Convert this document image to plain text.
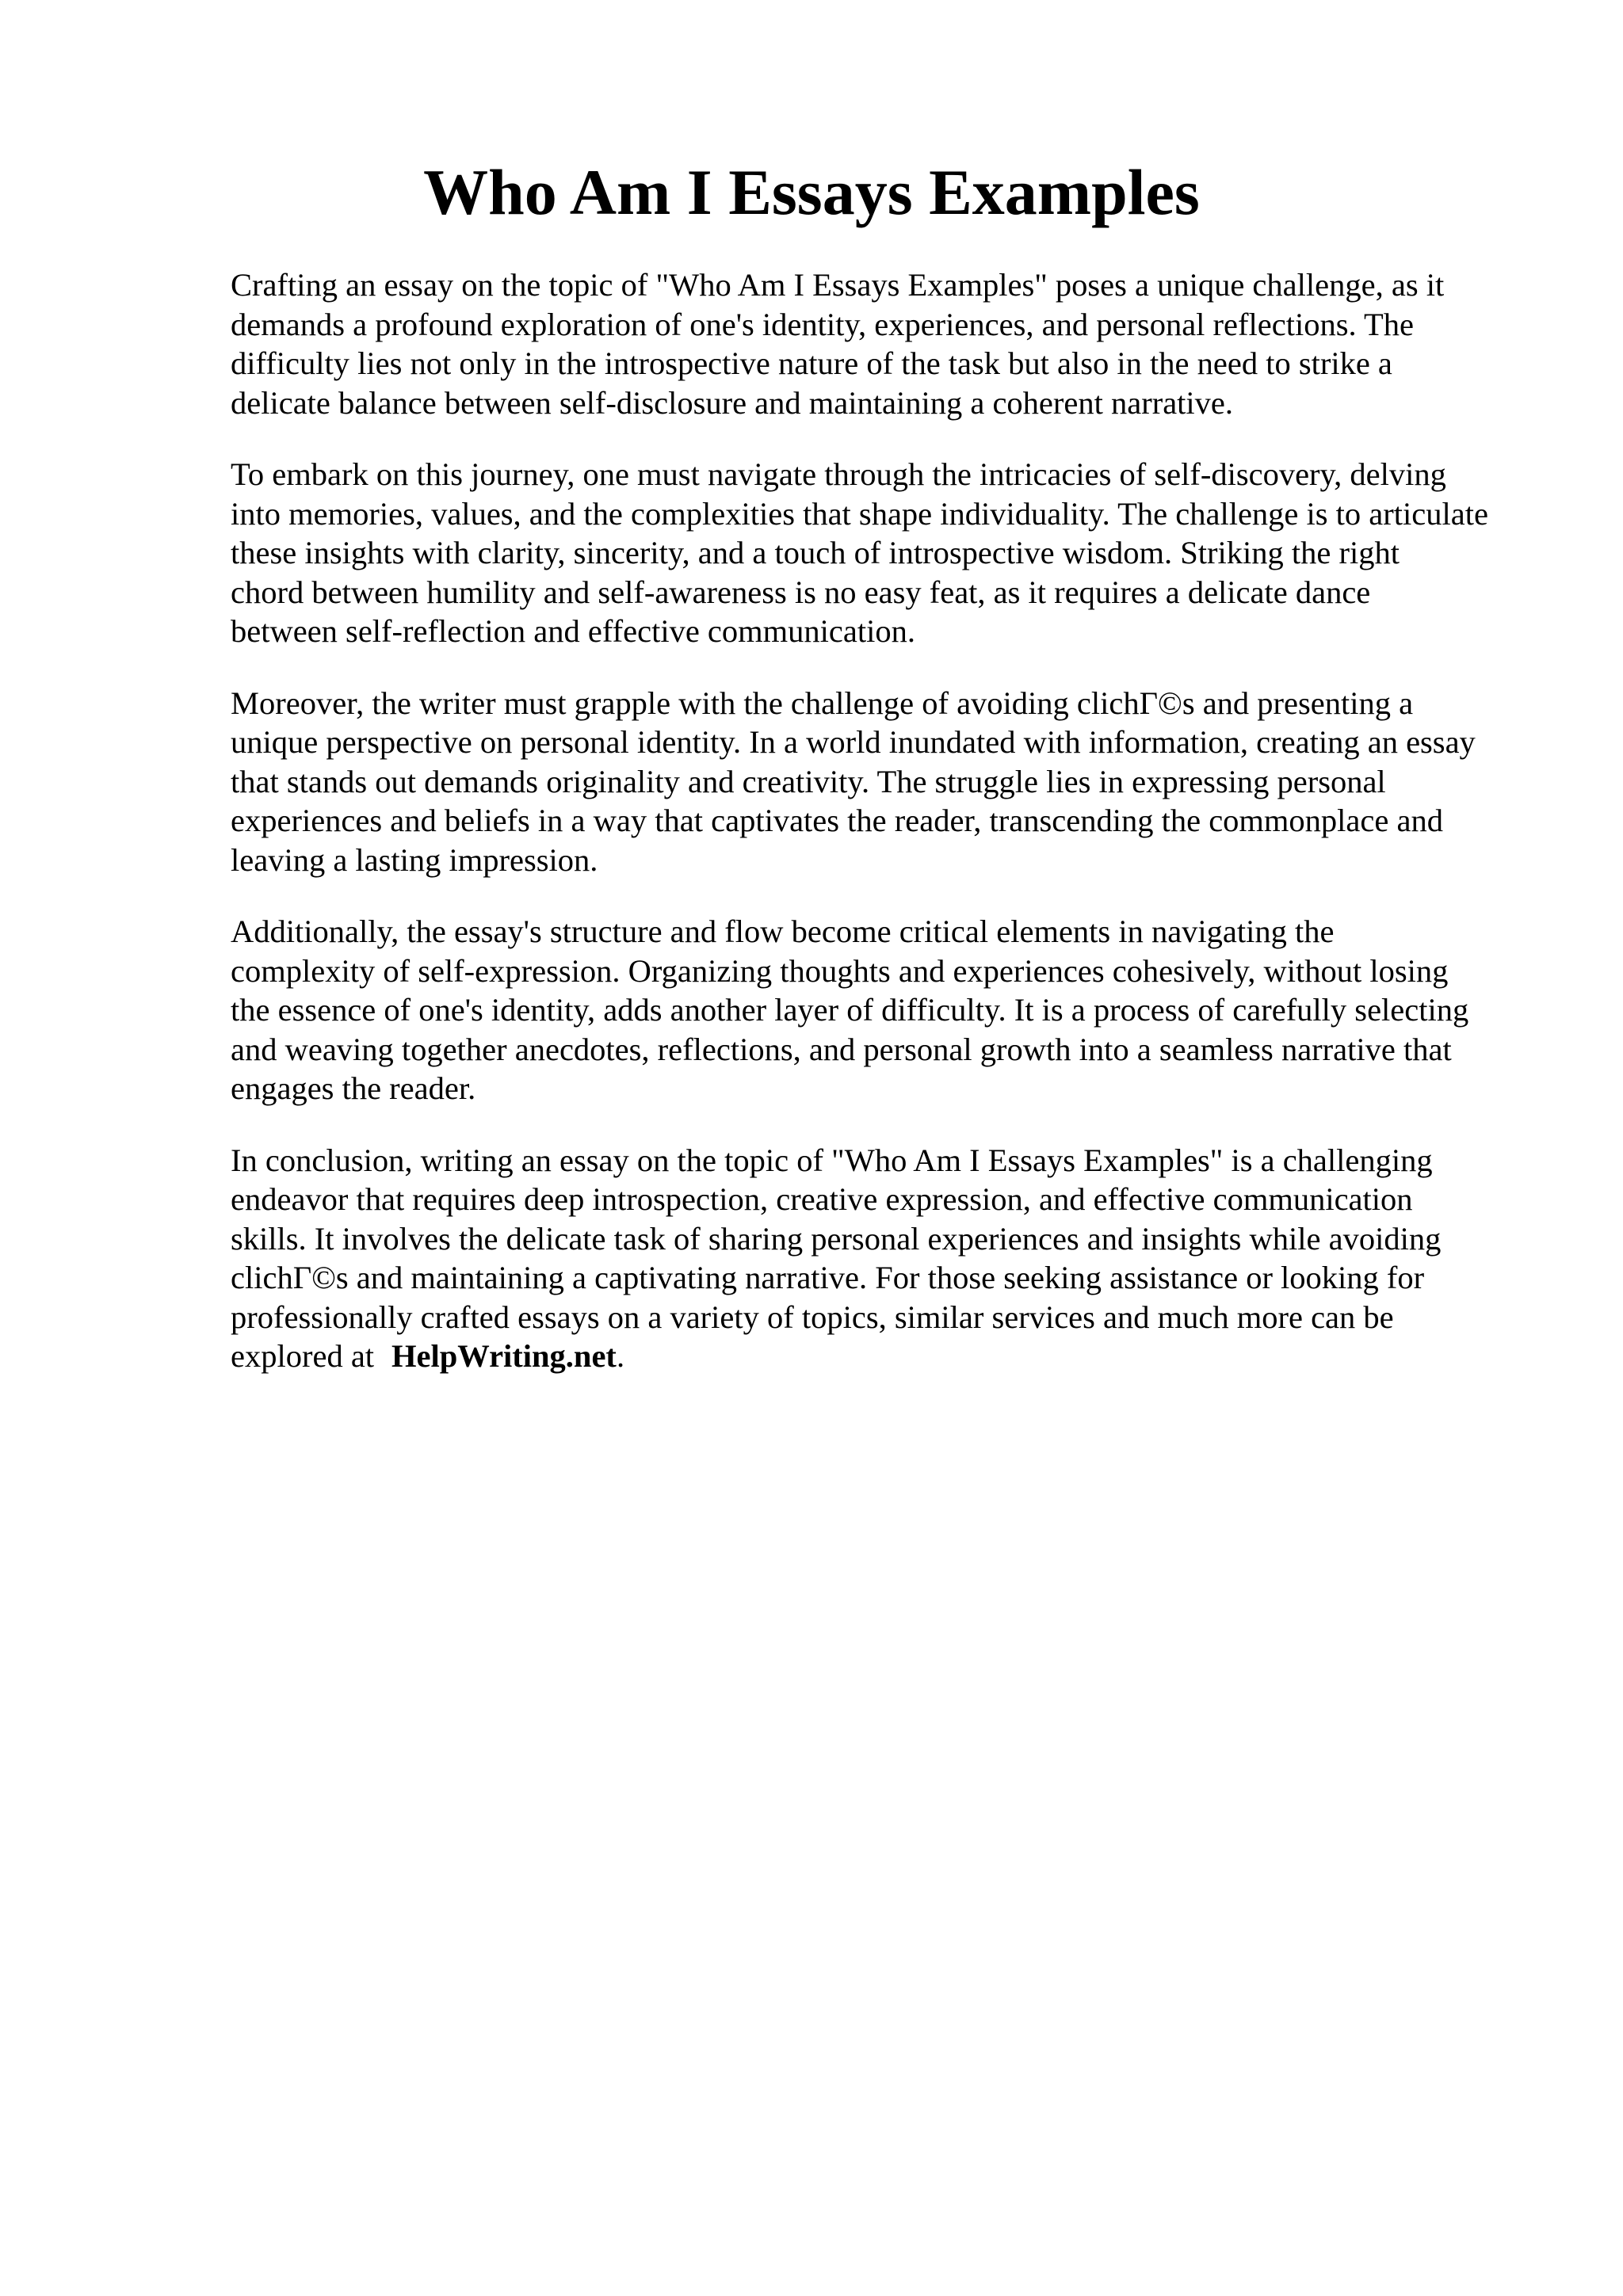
Who Am I Essays Examples

Crafting an essay on the topic of "Who Am I Essays Examples" poses a unique challenge, as it
demands a profound exploration of one's identity, experiences, and personal reflections. The
difficulty lies not only in the introspective nature of the task but also in the need to strike a
delicate balance between self-disclosure and maintaining a coherent narrative.

To embark on this journey, one must navigate through the intricacies of self-discovery, delving
into memories, values, and the complexities that shape individuality. The challenge is to articulate
these insights with clarity, sincerity, and a touch of introspective wisdom. Striking the right
chord between humility and self-awareness is no easy feat, as it requires a delicate dance
between self-reflection and effective communication.

Moreover, the writer must grapple with the challenge of avoiding clichΓ©s and presenting a
unique perspective on personal identity. In a world inundated with information, creating an essay
that stands out demands originality and creativity. The struggle lies in expressing personal
experiences and beliefs in a way that captivates the reader, transcending the commonplace and
leaving a lasting impression.

Additionally, the essay's structure and flow become critical elements in navigating the
complexity of self-expression. Organizing thoughts and experiences cohesively, without losing
the essence of one's identity, adds another layer of difficulty. It is a process of carefully selecting
and weaving together anecdotes, reflections, and personal growth into a seamless narrative that
engages the reader.

In conclusion, writing an essay on the topic of "Who Am I Essays Examples" is a challenging
endeavor that requires deep introspection, creative expression, and effective communication
skills. It involves the delicate task of sharing personal experiences and insights while avoiding
clichΓ©s and maintaining a captivating narrative. For those seeking assistance or looking for
professionally crafted essays on a variety of topics, similar services and much more can be
explored at HelpWriting.net.
